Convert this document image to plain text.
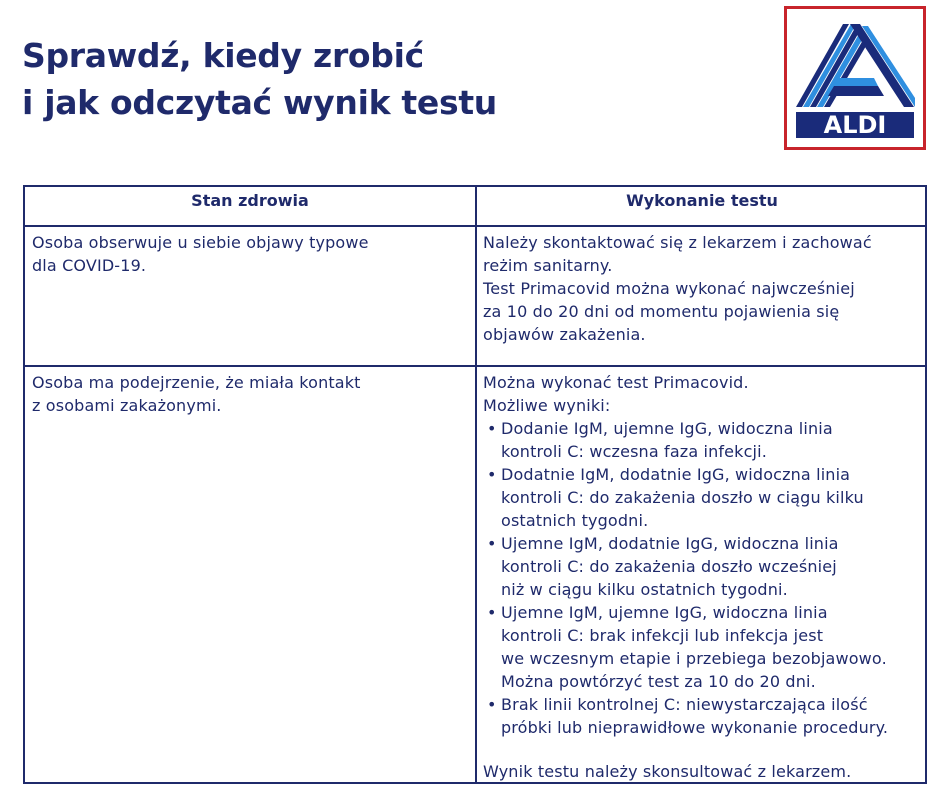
Sprawdź, kiedy zrobić
i jak odczytać wynik testu
ALDI
Stan zdrowia	Wykonanie testu

Osoba obserwuje u siebie objawy typowe

dla COVID-19.

Należy skontaktować się z lekarzem i zachować

reżim sanitarny.

Test Primacovid można wykonać najwcześniej

za 10 do 20 dni od momentu pojawienia się

objawów zakażenia.

Osoba ma podejrzenie, że miała kontakt

z osobami zakażonymi.

Można wykonać test Primacovid.

Możliwe wyniki:

• Dodanie IgM, ujemne IgG, widoczna linia
kontroli C: wczesna faza infekcji.
• Dodatnie IgM, dodatnie IgG, widoczna linia
kontroli C: do zakażenia doszło w ciągu kilku
ostatnich tygodni.
• Ujemne IgM, dodatnie IgG, widoczna linia
kontroli C: do zakażenia doszło wcześniej
niż w ciągu kilku ostatnich tygodni.
• Ujemne IgM, ujemne IgG, widoczna linia
kontroli C: brak infekcji lub infekcja jest
we wczesnym etapie i przebiega bezobjawowo.
Można powtórzyć test za 10 do 20 dni.
• Brak linii kontrolnej C: niewystarczająca ilość
próbki lub nieprawidłowe wykonanie procedury.

Wynik testu należy skonsultować z lekarzem.
